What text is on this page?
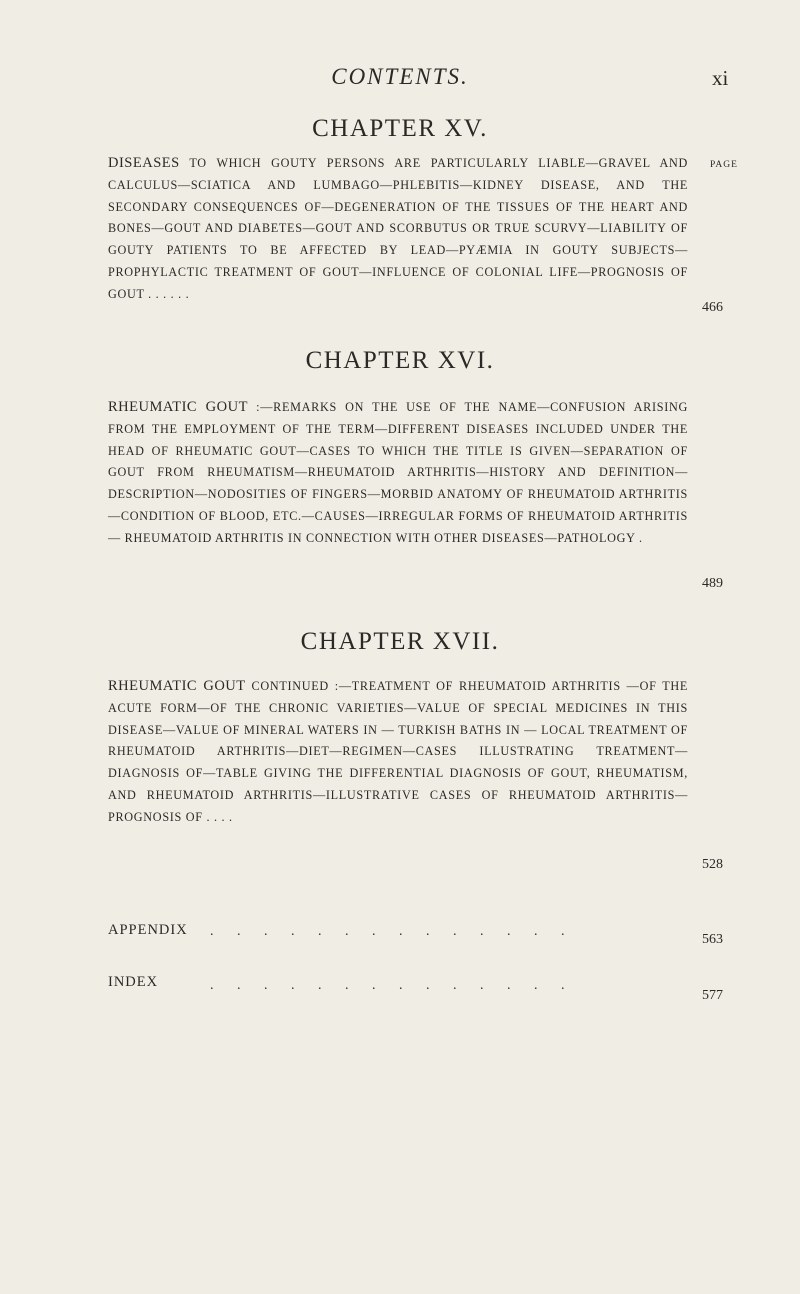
CONTENTS.	xi
CHAPTER XV.
PAGE
DISEASES TO WHICH GOUTY PERSONS ARE PARTICULARLY LIABLE—GRAVEL AND CALCULUS—SCIATICA AND LUMBAGO—PHLEBITIS—KIDNEY DISEASE, AND THE SECONDARY CONSEQUENCES OF—DEGENERATION OF THE TISSUES OF THE HEART AND BONES—GOUT AND DIABETES—GOUT AND SCORBUTUS OR TRUE SCURVY—LIABILITY OF GOUTY PATIENTS TO BE AFFECTED BY LEAD—PYÆMIA IN GOUTY SUBJECTS—PROPHYLACTIC TREATMENT OF GOUT—INFLUENCE OF COLONIAL LIFE—PROGNOSIS OF GOUT . . . . . .
466
CHAPTER XVI.
RHEUMATIC GOUT :—REMARKS ON THE USE OF THE NAME—CONFUSION ARISING FROM THE EMPLOYMENT OF THE TERM—DIFFERENT DISEASES INCLUDED UNDER THE HEAD OF RHEUMATIC GOUT—CASES TO WHICH THE TITLE IS GIVEN—SEPARATION OF GOUT FROM RHEUMATISM—RHEUMATOID ARTHRITIS—HISTORY AND DEFINITION—DESCRIPTION—NODOSITIES OF FINGERS—MORBID ANATOMY OF RHEUMATOID ARTHRITIS—CONDITION OF BLOOD, ETC.—CAUSES—IRREGULAR FORMS OF RHEUMATOID ARTHRITIS — RHEUMATOID ARTHRITIS IN CONNECTION WITH OTHER DISEASES—PATHOLOGY .
489
CHAPTER XVII.
RHEUMATIC GOUT CONTINUED :—TREATMENT OF RHEUMATOID ARTHRITIS —OF THE ACUTE FORM—OF THE CHRONIC VARIETIES—VALUE OF SPECIAL MEDICINES IN THIS DISEASE—VALUE OF MINERAL WATERS IN — TURKISH BATHS IN — LOCAL TREATMENT OF RHEUMATOID ARTHRITIS—DIET—REGIMEN—CASES ILLUSTRATING TREATMENT—DIAGNOSIS OF—TABLE GIVING THE DIFFERENTIAL DIAGNOSIS OF GOUT, RHEUMATISM, AND RHEUMATOID ARTHRITIS—ILLUSTRATIVE CASES OF RHEUMATOID ARTHRITIS—PROGNOSIS OF . . . .
528
APPENDIX . . . . . . . . . . . . . .
563
INDEX	. . . . . . . . . . . . . .
577
